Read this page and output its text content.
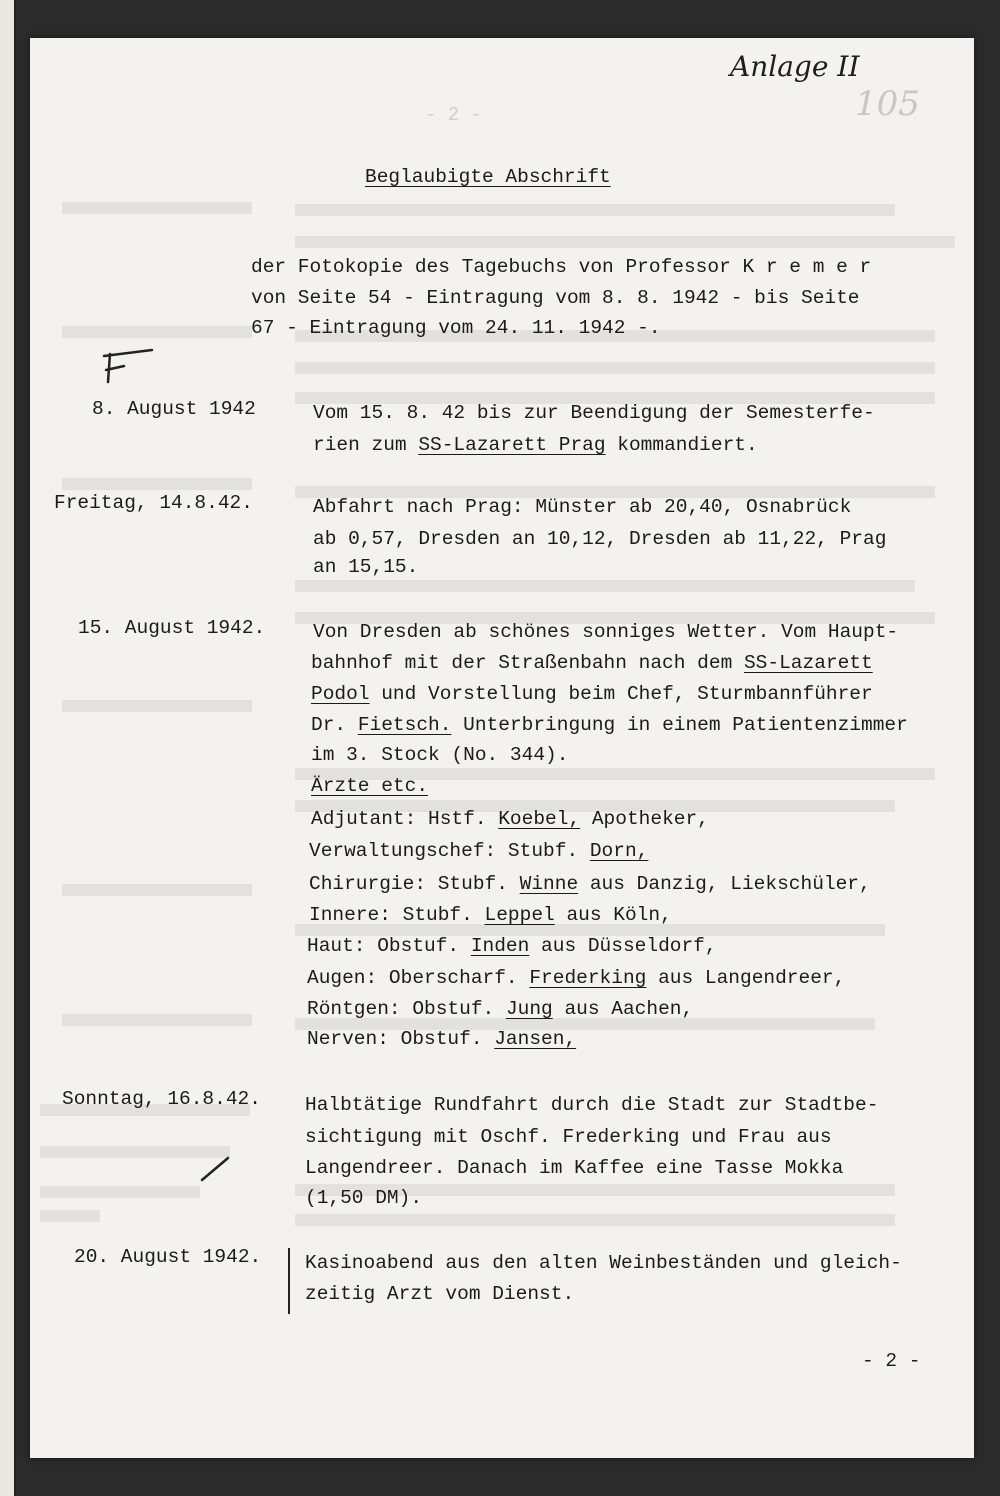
Anlage II
105
- 2 -
Beglaubigte Abschrift
der Fotokopie des Tagebuchs von Professor K r e m e r
von Seite 54 - Eintragung vom 8. 8. 1942 - bis Seite
67 - Eintragung vom 24. 11. 1942 -.
8. August 1942	Vom 15. 8. 42 bis zur Beendigung der Semesterfe-
rien zum SS-Lazarett Prag kommandiert.
Freitag, 14.8.42.	Abfahrt nach Prag: Münster ab 20,40, Osnabrück
ab 0,57, Dresden an 10,12, Dresden ab 11,22, Prag
an 15,15.
15. August 1942. Von Dresden ab schönes sonniges Wetter. Vom Haupt-
bahnhof mit der Straßenbahn nach dem SS-Lazarett
Podol und Vorstellung beim Chef, Sturmbannführer
Dr. Fietsch. Unterbringung in einem Patientenzimmer
im 3. Stock (No. 344).
Ärzte etc.
Adjutant: Hstf. Koebel, Apotheker,
Verwaltungschef: Stubf. Dorn,
Chirurgie: Stubf. Winne aus Danzig, Liekschüler,
Innere: Stubf. Leppel aus Köln,
Haut: Obstuf. Inden aus Düsseldorf,
Augen: Oberscharf. Frederking aus Langendreer,
Röntgen: Obstuf. Jung aus Aachen,
Nerven: Obstuf. Jansen,
Sonntag, 16.8.42. Halbtätige Rundfahrt durch die Stadt zur Stadtbe-
sichtigung mit Oschf. Frederking und Frau aus
Langendreer. Danach im Kaffee eine Tasse Mokka
(1,50 DM).
20. August 1942. Kasinoabend aus den alten Weinbeständen und gleich-
zeitig Arzt vom Dienst.
- 2 -
